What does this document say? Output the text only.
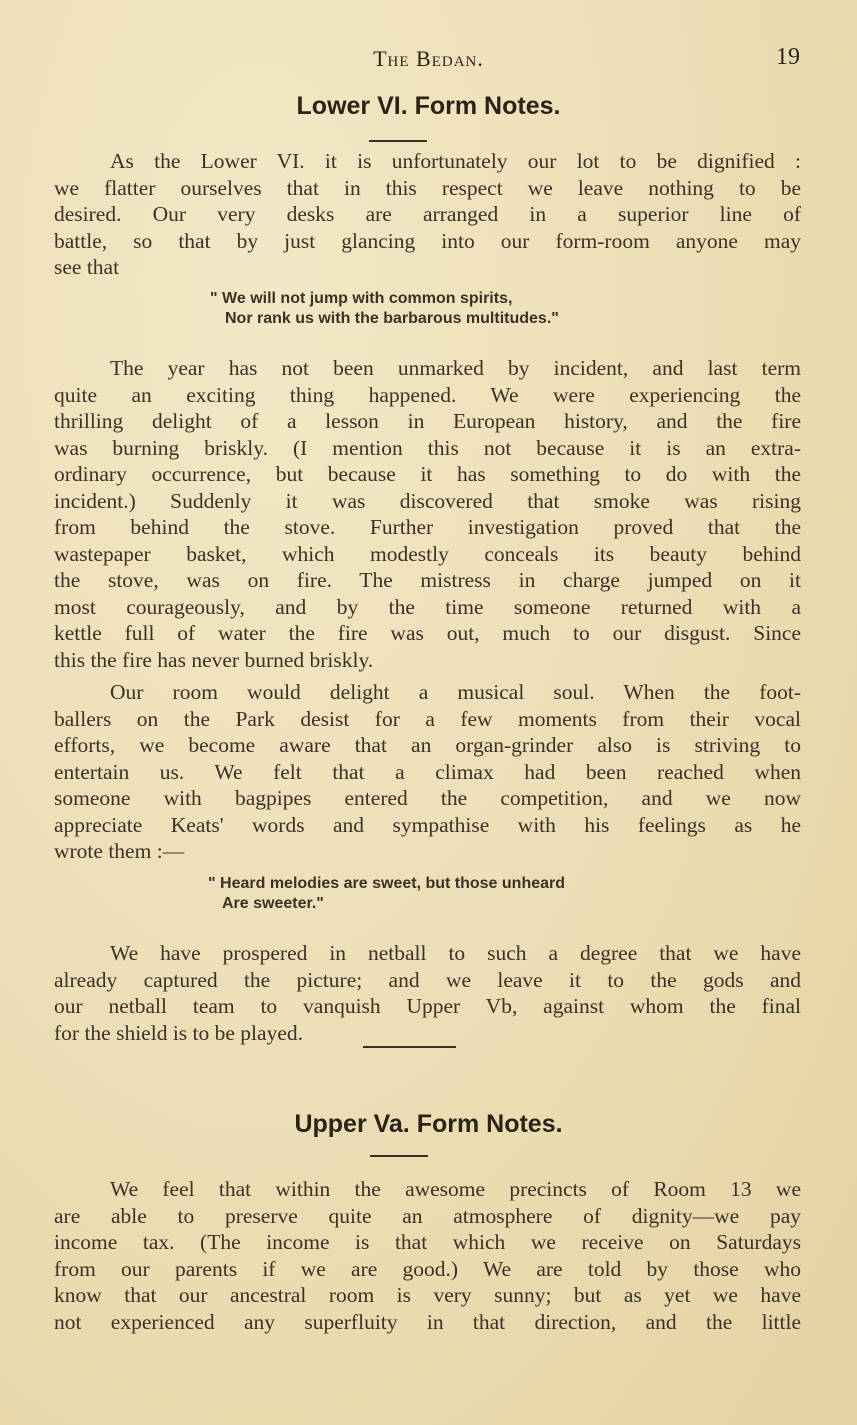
The Bedan.	19
Lower VI. Form Notes.
As the Lower VI. it is unfortunately our lot to be dignified :
we flatter ourselves that in this respect we leave nothing to be
desired. Our very desks are arranged in a superior line of
battle, so that by just glancing into our form-room anyone may
see that
" We will not jump with common spirits,
Nor rank us with the barbarous multitudes."
The year has not been unmarked by incident, and last term
quite an exciting thing happened. We were experiencing the
thrilling delight of a lesson in European history, and the fire
was burning briskly. (I mention this not because it is an extra-
ordinary occurrence, but because it has something to do with the
incident.) Suddenly it was discovered that smoke was rising
from behind the stove. Further investigation proved that the
wastepaper basket, which modestly conceals its beauty behind
the stove, was on fire. The mistress in charge jumped on it
most courageously, and by the time someone returned with a
kettle full of water the fire was out, much to our disgust. Since
this the fire has never burned briskly.
Our room would delight a musical soul. When the foot-
ballers on the Park desist for a few moments from their vocal
efforts, we become aware that an organ-grinder also is striving to
entertain us. We felt that a climax had been reached when
someone with bagpipes entered the competition, and we now
appreciate Keats' words and sympathise with his feelings as he
wrote them :—
" Heard melodies are sweet, but those unheard
Are sweeter."
We have prospered in netball to such a degree that we have
already captured the picture; and we leave it to the gods and
our netball team to vanquish Upper Vb, against whom the final
for the shield is to be played.
Upper Va. Form Notes.
We feel that within the awesome precincts of Room 13 we
are able to preserve quite an atmosphere of dignity—we pay
income tax. (The income is that which we receive on Saturdays
from our parents if we are good.) We are told by those who
know that our ancestral room is very sunny; but as yet we have
not experienced any superfluity in that direction, and the little
